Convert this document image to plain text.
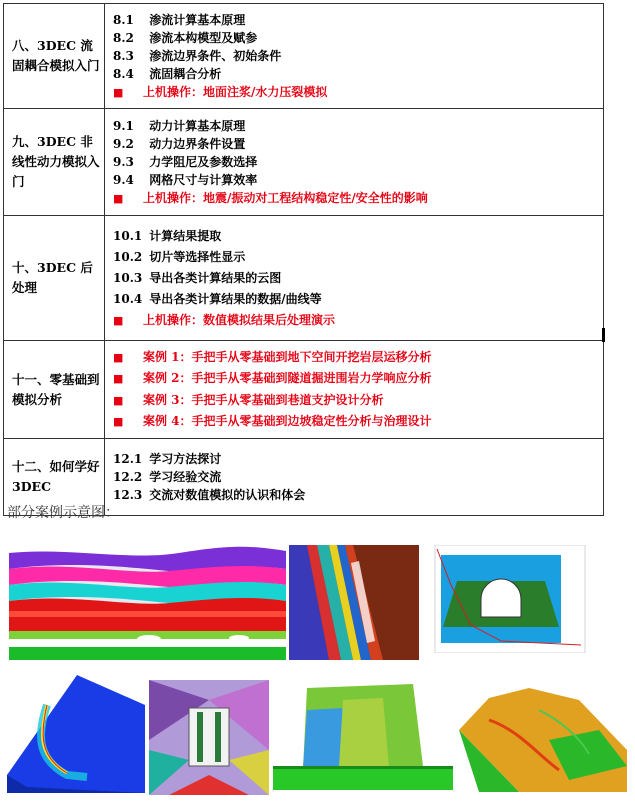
八、3DEC 流固耦合模拟入门	8.1 渗流计算基本原理
8.2 渗流本构模型及赋参
8.3 渗流边界条件、初始条件
8.4 流固耦合分析
■ 上机操作：地面注浆/水力压裂模拟

九、3DEC 非线性动力模拟入门	9.1 动力计算基本原理
9.2 动力边界条件设置
9.3 力学阻尼及参数选择
9.4 网格尺寸与计算效率
■ 上机操作：地震/振动对工程结构稳定性/安全性的影响

十、3DEC 后处理	10.1 计算结果提取
10.2 切片等选择性显示
10.3 导出各类计算结果的云图
10.4 导出各类计算结果的数据/曲线等
■ 上机操作：数值模拟结果后处理演示

十一、零基础到模拟分析	■ 案例 1：手把手从零基础到地下空间开挖岩层运移分析
■ 案例 2：手把手从零基础到隧道掘进围岩力学响应分析
■ 案例 3：手把手从零基础到巷道支护设计分析
■ 案例 4：手把手从零基础到边坡稳定性分析与治理设计

十二、如何学好 3DEC	12.1 学习方法探讨
12.2 学习经验交流
12.3 交流对数值模拟的认识和体会
部分案例示意图：
